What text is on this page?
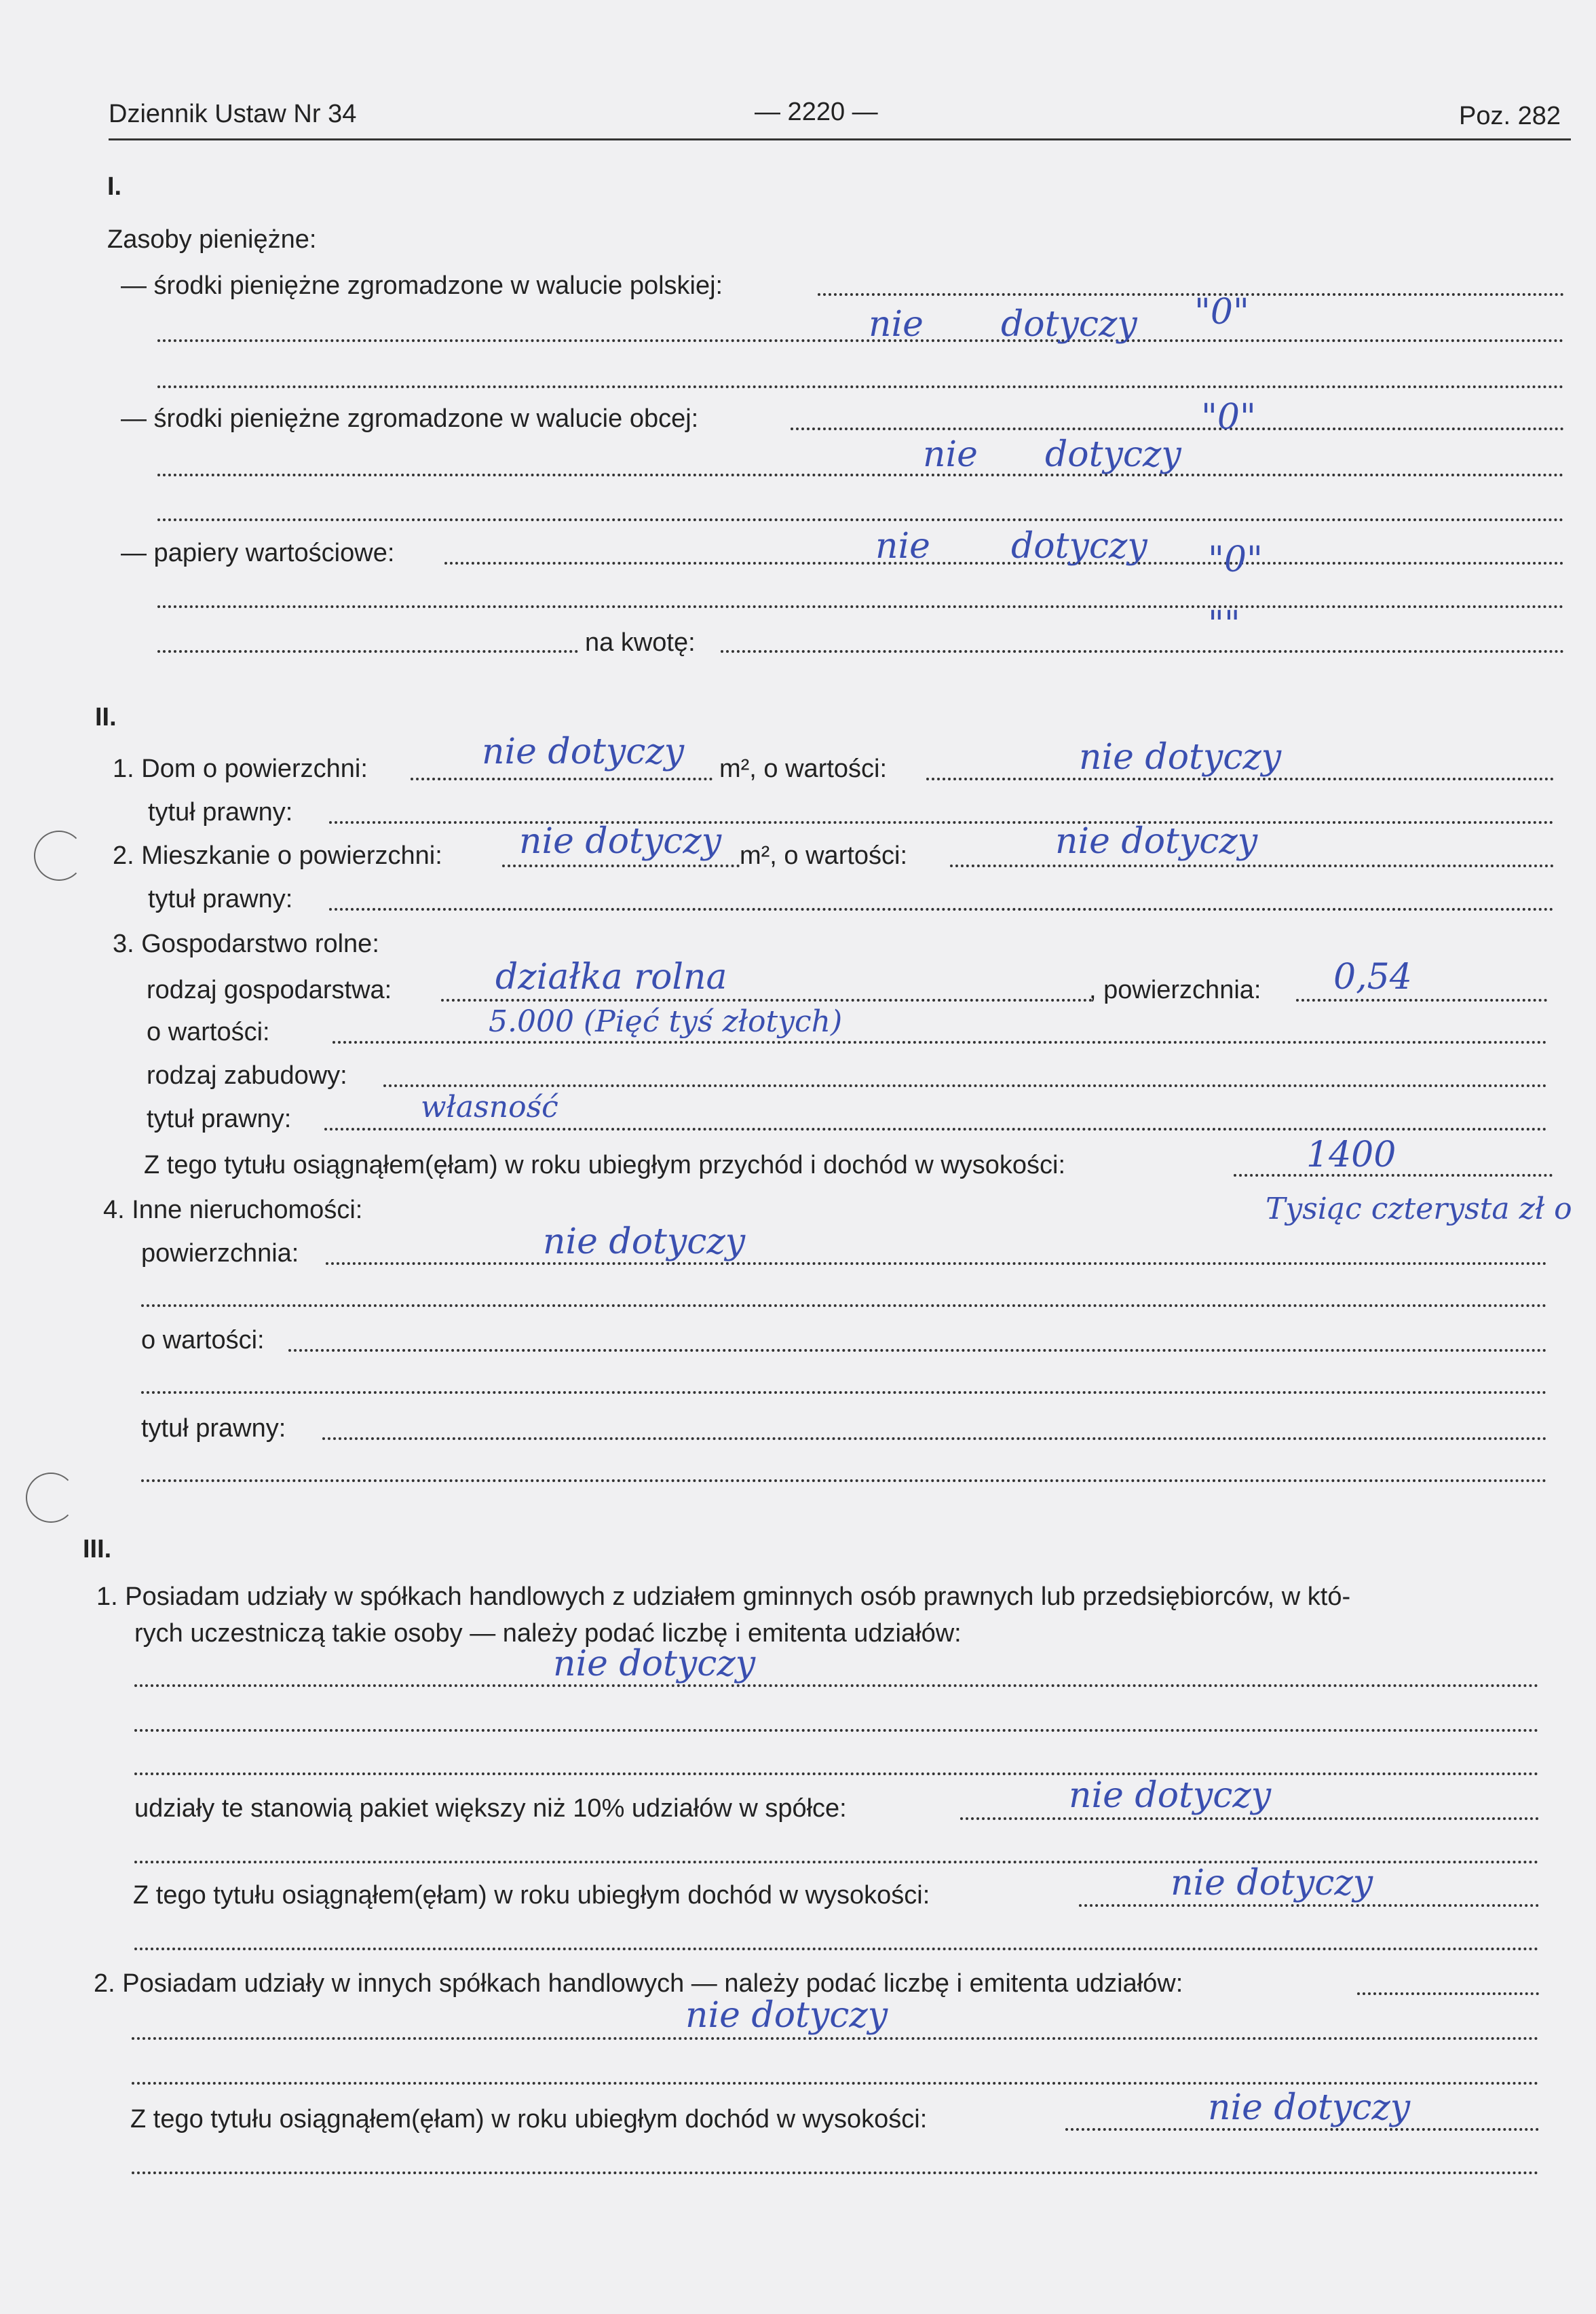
Dziennik Ustaw Nr 34	— 2220 —	Poz. 282
I.
Zasoby pieniężne:
— środki pieniężne zgromadzone w walucie polskiej:
nie dotyczy "0"
— środki pieniężne zgromadzone w walucie obcej:
nie dotyczy
"0"
— papiery wartościowe:	nie dotyczy "0"
na kwotę:	""
II.
1. Dom o powierzchni:	nie dotyczy m², o wartości:	nie dotyczy
tytuł prawny:
2. Mieszkanie o powierzchni: nie dotyczy m², o wartości:	nie dotyczy
tytuł prawny:
3. Gospodarstwo rolne:
rodzaj gospodarstwa:	działka rolna	, powierzchnia: 0,54
o wartości:	5.000 (Pięć tyś złotych)
rodzaj zabudowy:
tytuł prawny:	własność
Z tego tytułu osiągnąłem(ęłam) w roku ubiegłym przychód i dochód w wysokości:	1400
Tysiąc czterysta zł o
4. Inne nieruchomości:
powierzchnia:	nie dotyczy
o wartości:
tytuł prawny:
III.
1. Posiadam udziały w spółkach handlowych z udziałem gminnych osób prawnych lub przedsiębiorców, w któ-
rych uczestniczą takie osoby — należy podać liczbę i emitenta udziałów:
nie dotyczy
udziały te stanowią pakiet większy niż 10% udziałów w spółce:	nie dotyczy
Z tego tytułu osiągnąłem(ęłam) w roku ubiegłym dochód w wysokości:	nie dotyczy
2. Posiadam udziały w innych spółkach handlowych — należy podać liczbę i emitenta udziałów:
nie dotyczy
Z tego tytułu osiągnąłem(ęłam) w roku ubiegłym dochód w wysokości:	nie dotyczy
